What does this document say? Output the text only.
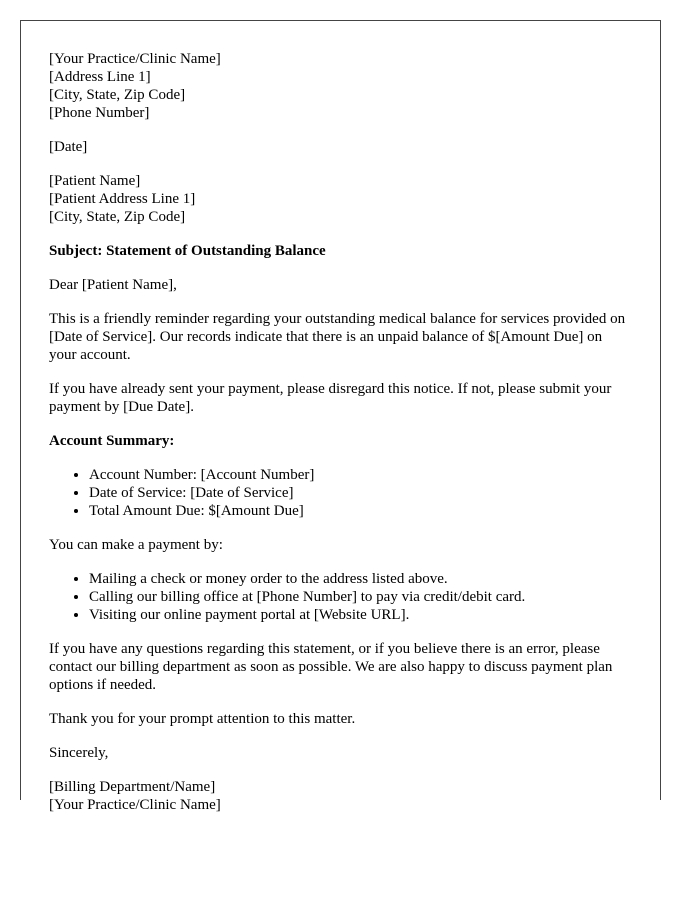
[Your Practice/Clinic Name]
[Address Line 1]
[City, State, Zip Code]
[Phone Number]

[Date]

[Patient Name]
[Patient Address Line 1]
[City, State, Zip Code]

Subject: Statement of Outstanding Balance

Dear [Patient Name],

This is a friendly reminder regarding your outstanding medical balance for services provided on [Date of Service]. Our records indicate that there is an unpaid balance of $[Amount Due] on your account.

If you have already sent your payment, please disregard this notice. If not, please submit your payment by [Due Date].

Account Summary:

• Account Number: [Account Number]
• Date of Service: [Date of Service]
• Total Amount Due: $[Amount Due]

You can make a payment by:

• Mailing a check or money order to the address listed above.
• Calling our billing office at [Phone Number] to pay via credit/debit card.
• Visiting our online payment portal at [Website URL].

If you have any questions regarding this statement, or if you believe there is an error, please contact our billing department as soon as possible. We are also happy to discuss payment plan options if needed.

Thank you for your prompt attention to this matter.

Sincerely,

[Billing Department/Name]
[Your Practice/Clinic Name]
